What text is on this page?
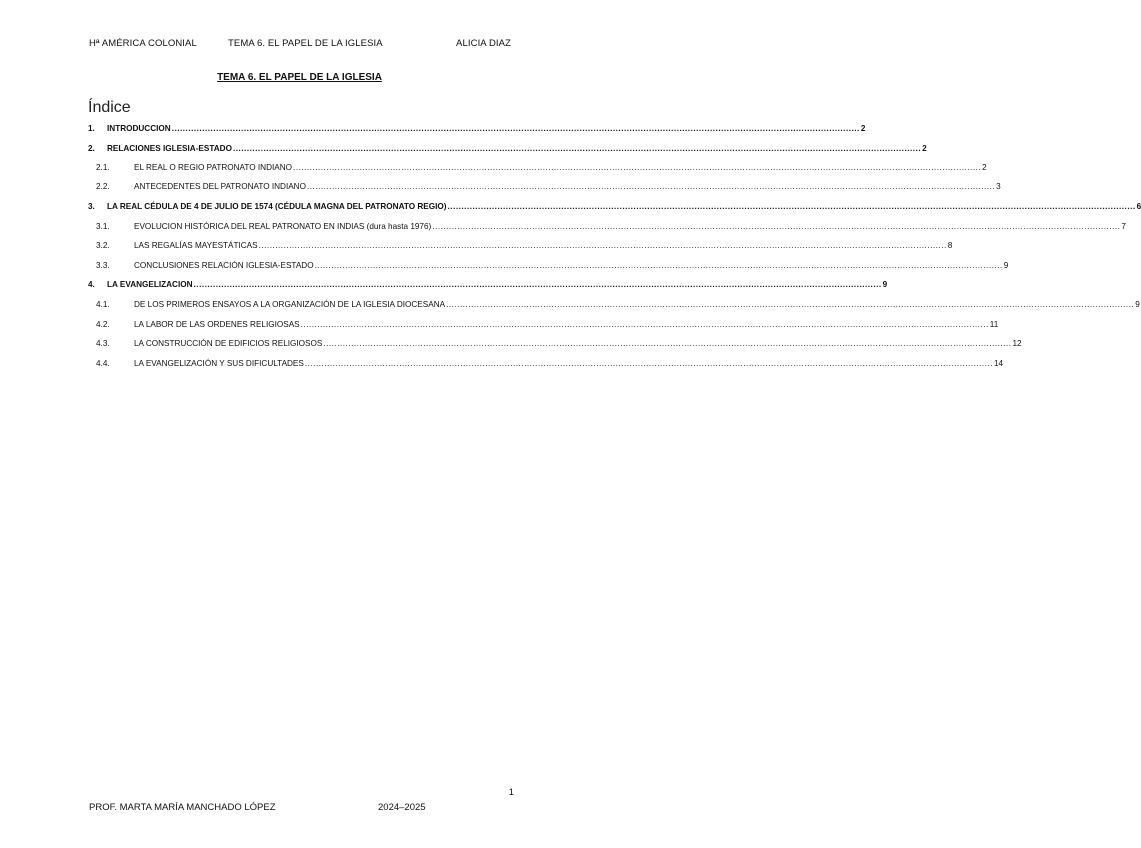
Hª AMÉRICA COLONIAL	TEMA 6. EL PAPEL DE LA IGLESIA	ALICIA DIAZ
TEMA 6. EL PAPEL DE LA IGLESIA
Índice
1.	INTRODUCCION .....	2
2.	RELACIONES IGLESIA-ESTADO .....	2
2.1.	EL REAL O REGIO PATRONATO INDIANO .....	2
2.2.	ANTECEDENTES DEL PATRONATO INDIANO .....	3
3.	LA REAL CÉDULA DE 4 DE JULIO DE 1574 (CÉDULA MAGNA DEL PATRONATO REGIO) .....	6
3.1.	EVOLUCION HISTÓRICA DEL REAL PATRONATO EN INDIAS (dura hasta 1976) .....	7
3.2.	LAS REGALÍAS MAYESTÁTICAS .....	8
3.3.	CONCLUSIONES RELACIÓN IGLESIA-ESTADO .....	9
4.	LA EVANGELIZACION .....	9
4.1.	DE LOS PRIMEROS ENSAYOS A LA ORGANIZACIÓN DE LA IGLESIA DIOCESANA .....	9
4.2.	LA LABOR DE LAS ORDENES RELIGIOSAS .....	11
4.3.	LA CONSTRUCCIÓN DE EDIFICIOS RELIGIOSOS .....	12
4.4.	LA EVANGELIZACIÓN Y SUS DIFICULTADES .....	14
1
PROF. MARTA MARÍA MANCHADO LÓPEZ	2024–2025
